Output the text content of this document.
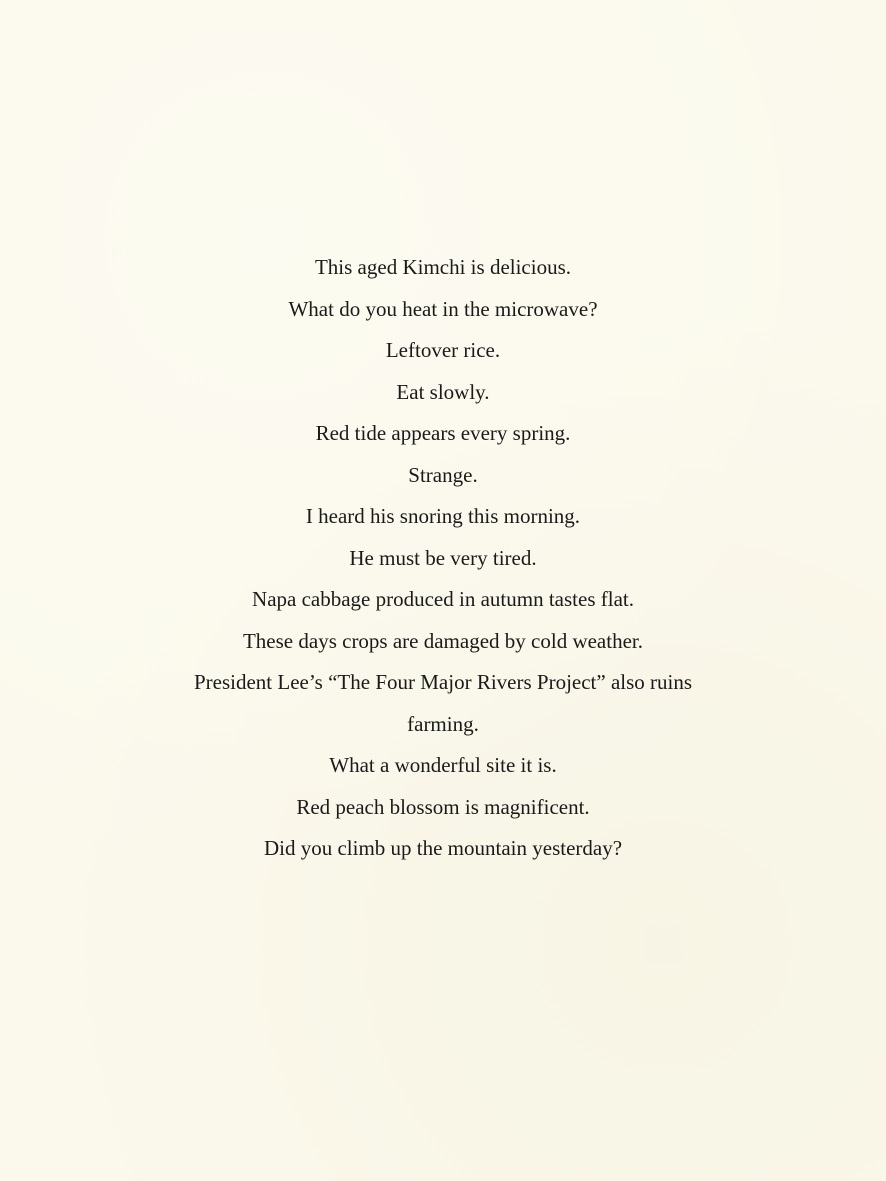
This aged Kimchi is delicious.
What do you heat in the microwave?
Leftover rice.
Eat slowly.
Red tide appears every spring.
Strange.
I heard his snoring this morning.
He must be very tired.
Napa cabbage produced in autumn tastes flat.
These days crops are damaged by cold weather.
President Lee’s “The Four Major Rivers Project” also ruins
farming.
What a wonderful site it is.
Red peach blossom is magnificent.
Did you climb up the mountain yesterday?
